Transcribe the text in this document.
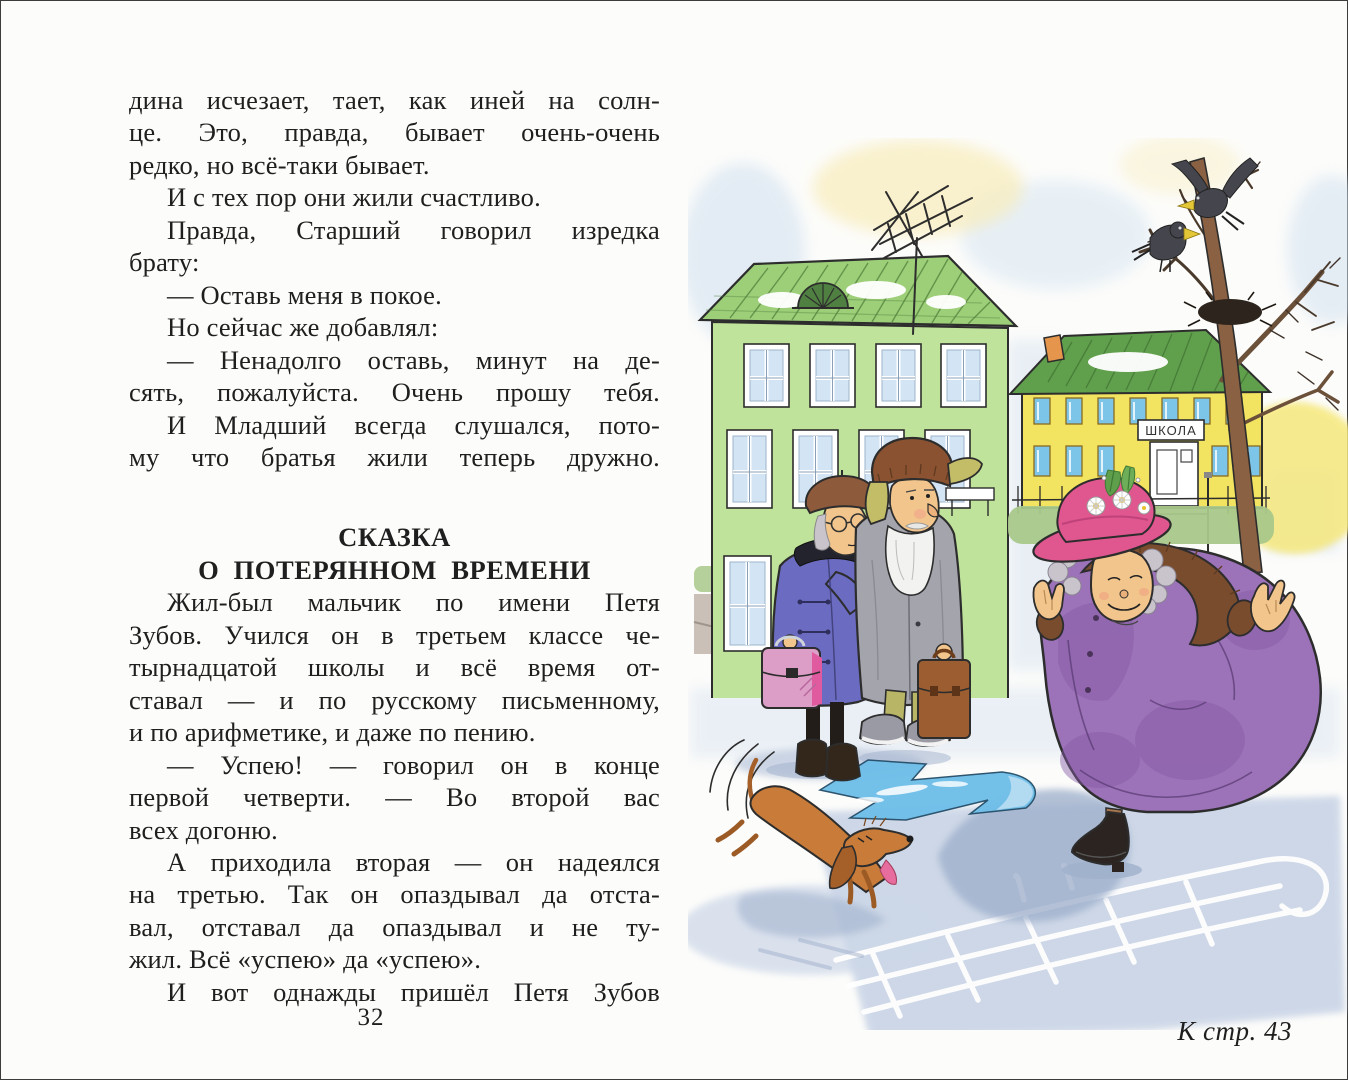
дина исчезает, тает, как иней на солн-
це. Это, правда, бывает очень-очень
редко, но всё-таки бывает.
И с тех пор они жили счастливо.
Правда, Старший говорил изредка
брату:
— Оставь меня в покое.
Но сейчас же добавлял:
— Ненадолго оставь, минут на де-
сять, пожалуйста. Очень прошу тебя.
И Младший всегда слушался, пото-
му что братья жили теперь дружно.
СКАЗКА
О ПОТЕРЯННОМ ВРЕМЕНИ
Жил-был мальчик по имени Петя
Зубов. Учился он в третьем классе че-
тырнадцатой школы и всё время от-
ставал — и по русскому письменному,
и по арифметике, и даже по пению.
— Успею! — говорил он в конце
первой четверти. — Во второй вас
всех догоню.
А приходила вторая — он надеялся
на третью. Так он опаздывал да отста-
вал, отставал да опаздывал и не ту-
жил. Всё «успею» да «успею».
И вот однажды пришёл Петя Зубов
32
ШКОЛА
К стр. 43
